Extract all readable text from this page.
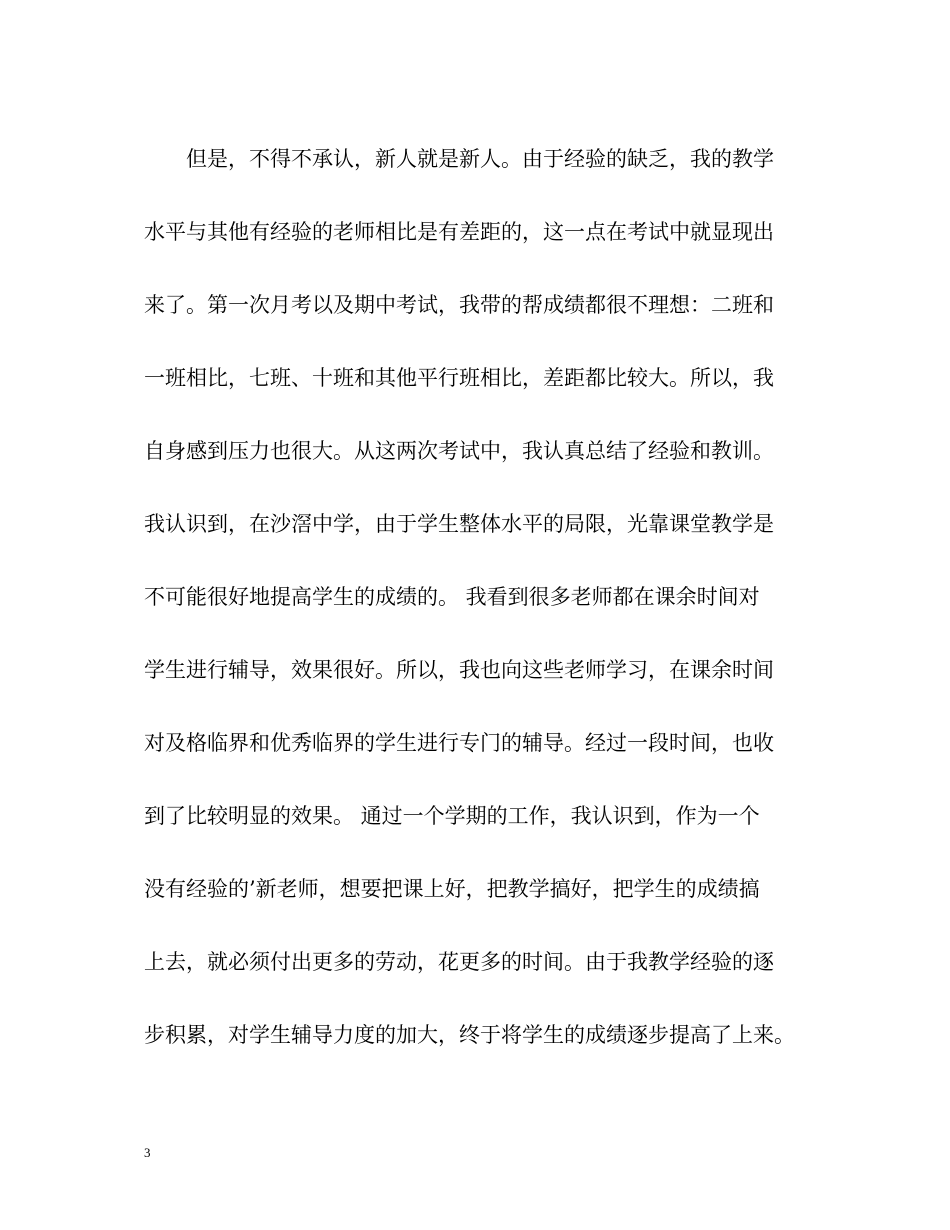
但是，不得不承认，新人就是新人。由于经验的缺乏，我的教学
水平与其他有经验的老师相比是有差距的，这一点在考试中就显现出
来了。第一次月考以及期中考试，我带的帮成绩都很不理想：二班和
一班相比，七班、十班和其他平行班相比，差距都比较大。所以，我
自身感到压力也很大。从这两次考试中，我认真总结了经验和教训。
我认识到，在沙滘中学，由于学生整体水平的局限，光靠课堂教学是
不可能很好地提高学生的成绩的。 我看到很多老师都在课余时间对
学生进行辅导，效果很好。所以，我也向这些老师学习，在课余时间
对及格临界和优秀临界的学生进行专门的辅导。经过一段时间，也收
到了比较明显的效果。 通过一个学期的工作，我认识到，作为一个
没有经验的’新老师，想要把课上好，把教学搞好，把学生的成绩搞
上去，就必须付出更多的劳动，花更多的时间。由于我教学经验的逐
步积累，对学生辅导力度的加大，终于将学生的成绩逐步提高了上来。
3
